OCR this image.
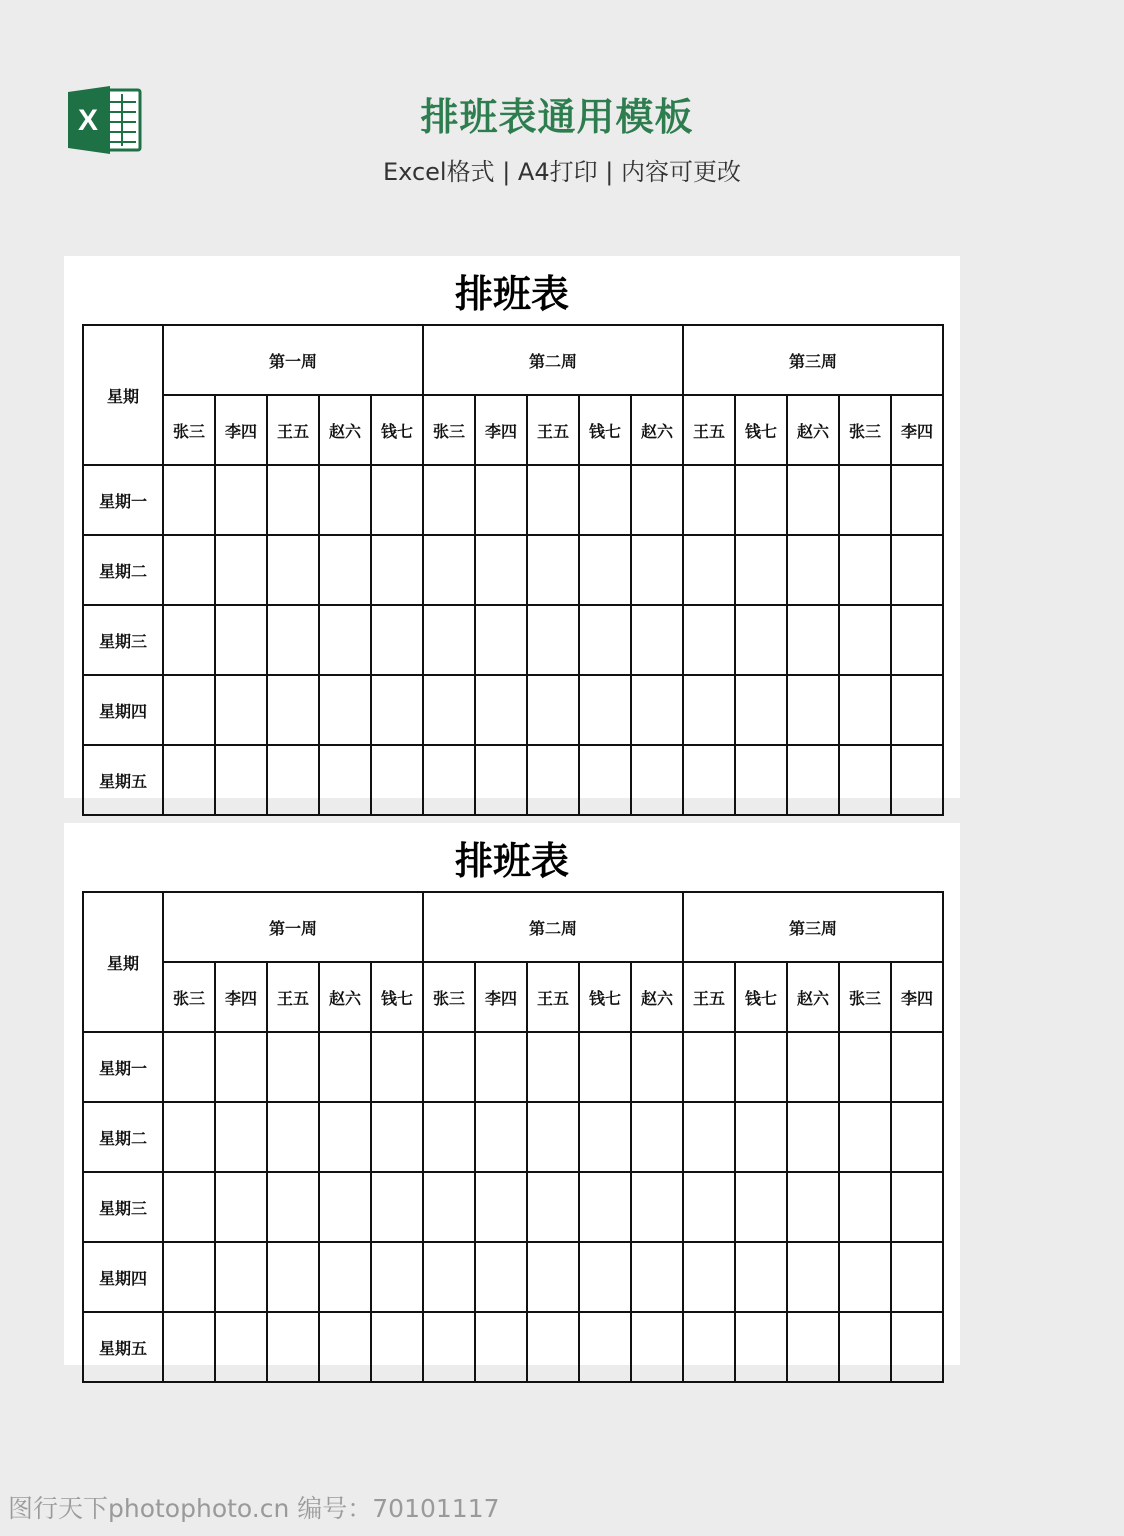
X	排班表通用模板
Excel格式 | A4打印 | 内容可更改
排班表
星期	第一周					第二周					第三周				
	张三	李四	王五	赵六	钱七	张三	李四	王五	钱七	赵六	王五	钱七	赵六	张三	李四
星期一															
星期二															
星期三															
星期四															
星期五															
排班表
星期	第一周					第二周					第三周				
	张三	李四	王五	赵六	钱七	张三	李四	王五	钱七	赵六	王五	钱七	赵六	张三	李四
星期一															
星期二															
星期三															
星期四															
星期五															
图行天下photophoto.cn 编号：70101117
